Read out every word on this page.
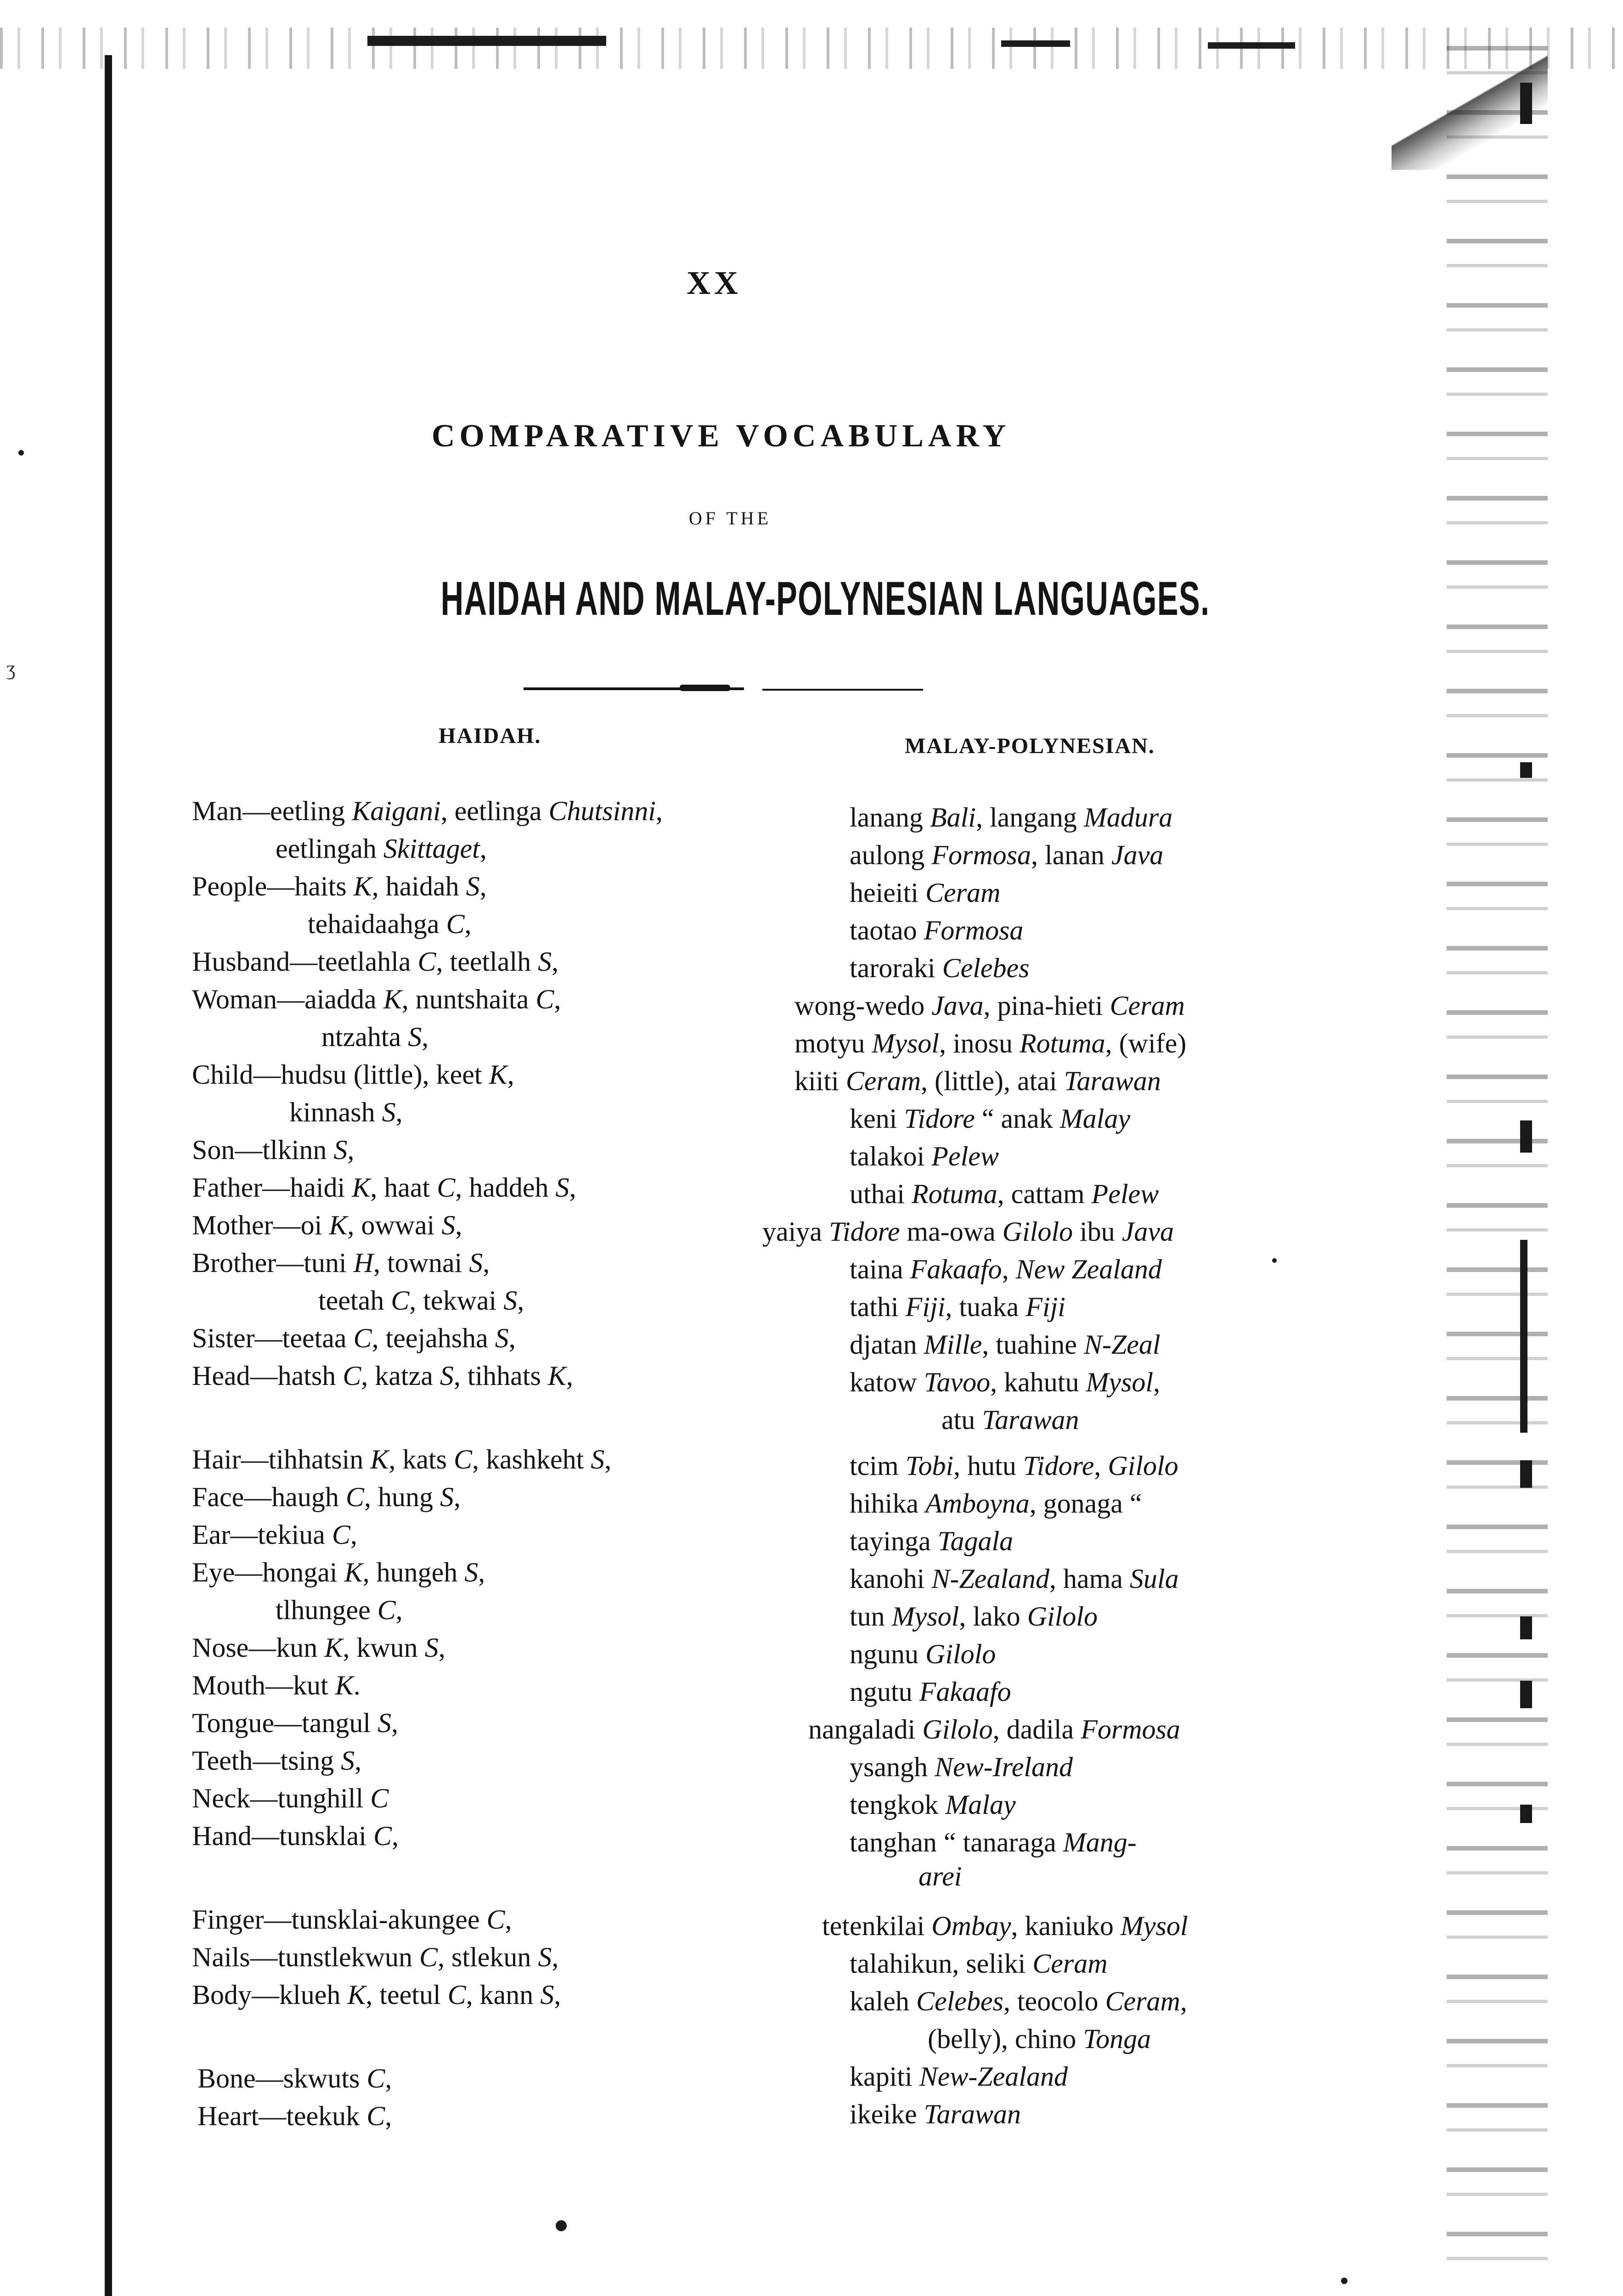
ʒ
XX
COMPARATIVE VOCABULARY
OF THE
HAIDAH AND MALAY-POLYNESIAN LANGUAGES.
HAIDAH.	MALAY-POLYNESIAN.
Man—eetling Kaigani, eetlinga Chutsinni,
eetlingah Skittaget,
People—haits K, haidah S,
tehaidaahga C,
Husband—teetlahla C, teetlalh S,
Woman—aiadda K, nuntshaita C,
ntzahta S,
Child—hudsu (little), keet K,
kinnash S,
Son—tlkinn S,
Father—haidi K, haat C, haddeh S,
Mother—oi K, owwai S,
Brother—tuni H, townai S,
teetah C, tekwai S,
Sister—teetaa C, teejahsha S,
Head—hatsh C, katza S, tihhats K,
Hair—tihhatsin K, kats C, kashkeht S,
Face—haugh C, hung S,
Ear—tekiua C,
Eye—hongai K, hungeh S,
tlhungee C,
Nose—kun K, kwun S,
Mouth—kut K.
Tongue—tangul S,
Teeth—tsing S,
Neck—tunghill C
Hand—tunsklai C,
Finger—tunsklai-akungee C,
Nails—tunstlekwun C, stlekun S,
Body—klueh K, teetul C, kann S,
Bone—skwuts C,
Heart—teekuk C,
lanang Bali, langang Madura
aulong Formosa, lanan Java
heieiti Ceram
taotao Formosa
taroraki Celebes
wong-wedo Java, pina-hieti Ceram
motyu Mysol, inosu Rotuma, (wife)
kiiti Ceram, (little), atai Tarawan
keni Tidore “ anak Malay
talakoi Pelew
uthai Rotuma, cattam Pelew
yaiya Tidore ma-owa Gilolo ibu Java
taina Fakaafo, New Zealand
tathi Fiji, tuaka Fiji
djatan Mille, tuahine N-Zeal
katow Tavoo, kahutu Mysol,
atu Tarawan
tcim Tobi, hutu Tidore, Gilolo
hihika Amboyna, gonaga “
tayinga Tagala
kanohi N-Zealand, hama Sula
tun Mysol, lako Gilolo
ngunu Gilolo
ngutu Fakaafo
nangaladi Gilolo, dadila Formosa
ysangh New-Ireland
tengkok Malay
tanghan “ tanaraga Mang-
arei
tetenkilai Ombay, kaniuko Mysol
talahikun, seliki Ceram
kaleh Celebes, teocolo Ceram,
(belly), chino Tonga
kapiti New-Zealand
ikeike Tarawan
